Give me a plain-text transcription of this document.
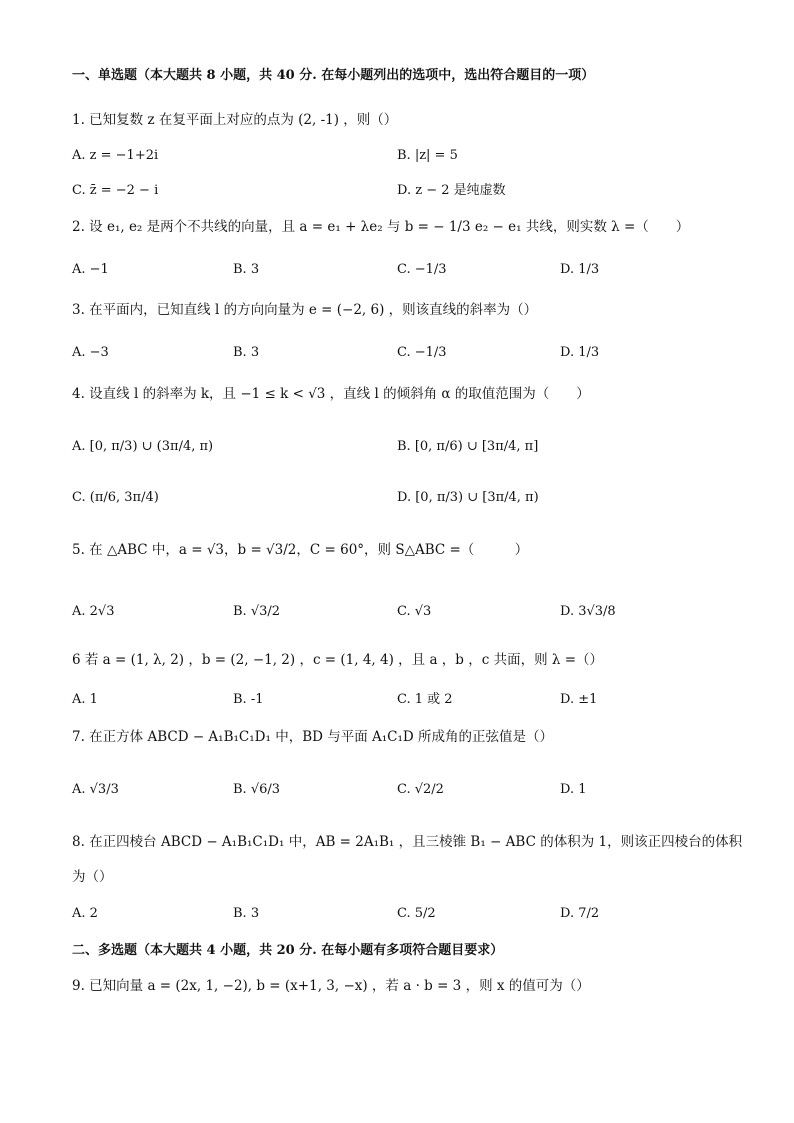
一、单选题（本大题共 8 小题，共 40 分. 在每小题列出的选项中，选出符合题目的一项）
1. 已知复数 z 在复平面上对应的点为 (2, -1) ，则（）
A. z = −1+2i	B. |z| = 5
C. z̄ = −2 − i	D. z − 2 是纯虚数
2. 设 e₁, e₂ 是两个不共线的向量，且 a = e₁ + λe₂ 与 b = − 1/3 e₂ − e₁ 共线，则实数 λ =（　　）
A. −1	B. 3	C. −1/3	D. 1/3
3. 在平面内，已知直线 l 的方向向量为 e = (−2, 6) ，则该直线的斜率为（）
A. −3	B. 3	C. −1/3	D. 1/3
4. 设直线 l 的斜率为 k，且 −1 ≤ k < √3 ，直线 l 的倾斜角 α 的取值范围为（　　）
A. [0, π/3) ∪ (3π/4, π)	B. [0, π/6) ∪ [3π/4, π]
C. (π/6, 3π/4)	D. [0, π/3) ∪ [3π/4, π)
5. 在 △ABC 中，a = √3，b = √3/2，C = 60°，则 S△ABC =（　　　）
A. 2√3	B. √3/2	C. √3	D. 3√3/8
6 若 a = (1, λ, 2) ，b = (2, −1, 2) ，c = (1, 4, 4) ，且 a ，b ，c 共面，则 λ =（）
A. 1	B. -1	C. 1 或 2	D. ±1
7. 在正方体 ABCD − A₁B₁C₁D₁ 中，BD 与平面 A₁C₁D 所成角的正弦值是（）
A. √3/3	B. √6/3	C. √2/2	D. 1
8. 在正四棱台 ABCD − A₁B₁C₁D₁ 中，AB = 2A₁B₁ ，且三棱锥 B₁ − ABC 的体积为 1，则该正四棱台的体积
为（）
A. 2	B. 3	C. 5/2	D. 7/2
二、多选题（本大题共 4 小题，共 20 分. 在每小题有多项符合题目要求）
9. 已知向量 a = (2x, 1, −2), b = (x+1, 3, −x) ，若 a · b = 3 ，则 x 的值可为（）
